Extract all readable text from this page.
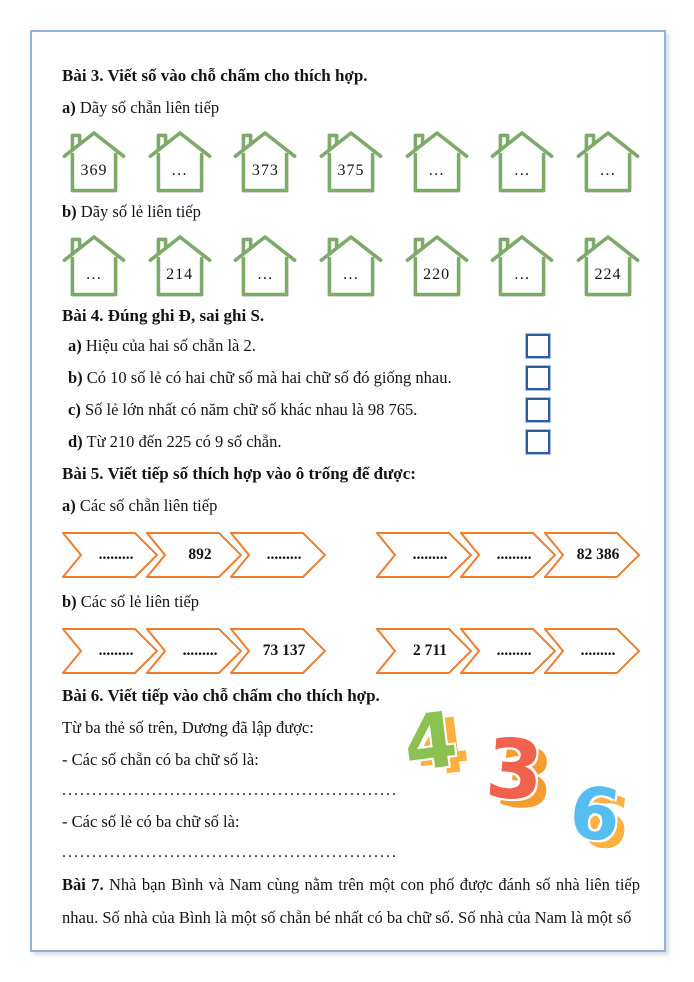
Bài 3. Viết số vào chỗ chấm cho thích hợp.

a) Dãy số chẵn liên tiếp

369	…	373	375	…	…	…

b) Dãy số lẻ liên tiếp

…	214	…	…	220	…	224

Bài 4. Đúng ghi Đ, sai ghi S.

a) Hiệu của hai số chẵn là 2.
b) Có 10 số lẻ có hai chữ số mà hai chữ số đó giống nhau.
c) Số lẻ lớn nhất có năm chữ số khác nhau là 98 765.
d) Từ 210 đến 225 có 9 số chẵn.

Bài 5. Viết tiếp số thích hợp vào ô trống để được:

a) Các số chẵn liên tiếp

.........	892	.........	.........	.........	82 386

b) Các số lẻ liên tiếp

.........	.........	73 137	2 711	.........	.........

Bài 6. Viết tiếp vào chỗ chấm cho thích hợp.

Từ ba thẻ số trên, Dương đã lập được:

- Các số chẵn có ba chữ số là:

........................................................

- Các số lẻ có ba chữ số là:

........................................................

4 3 6

Bài 7. Nhà bạn Bình và Nam cùng nằm trên một con phố được đánh số nhà liên tiếp nhau. Số nhà của Bình là một số chẵn bé nhất có ba chữ số. Số nhà của Nam là một số
